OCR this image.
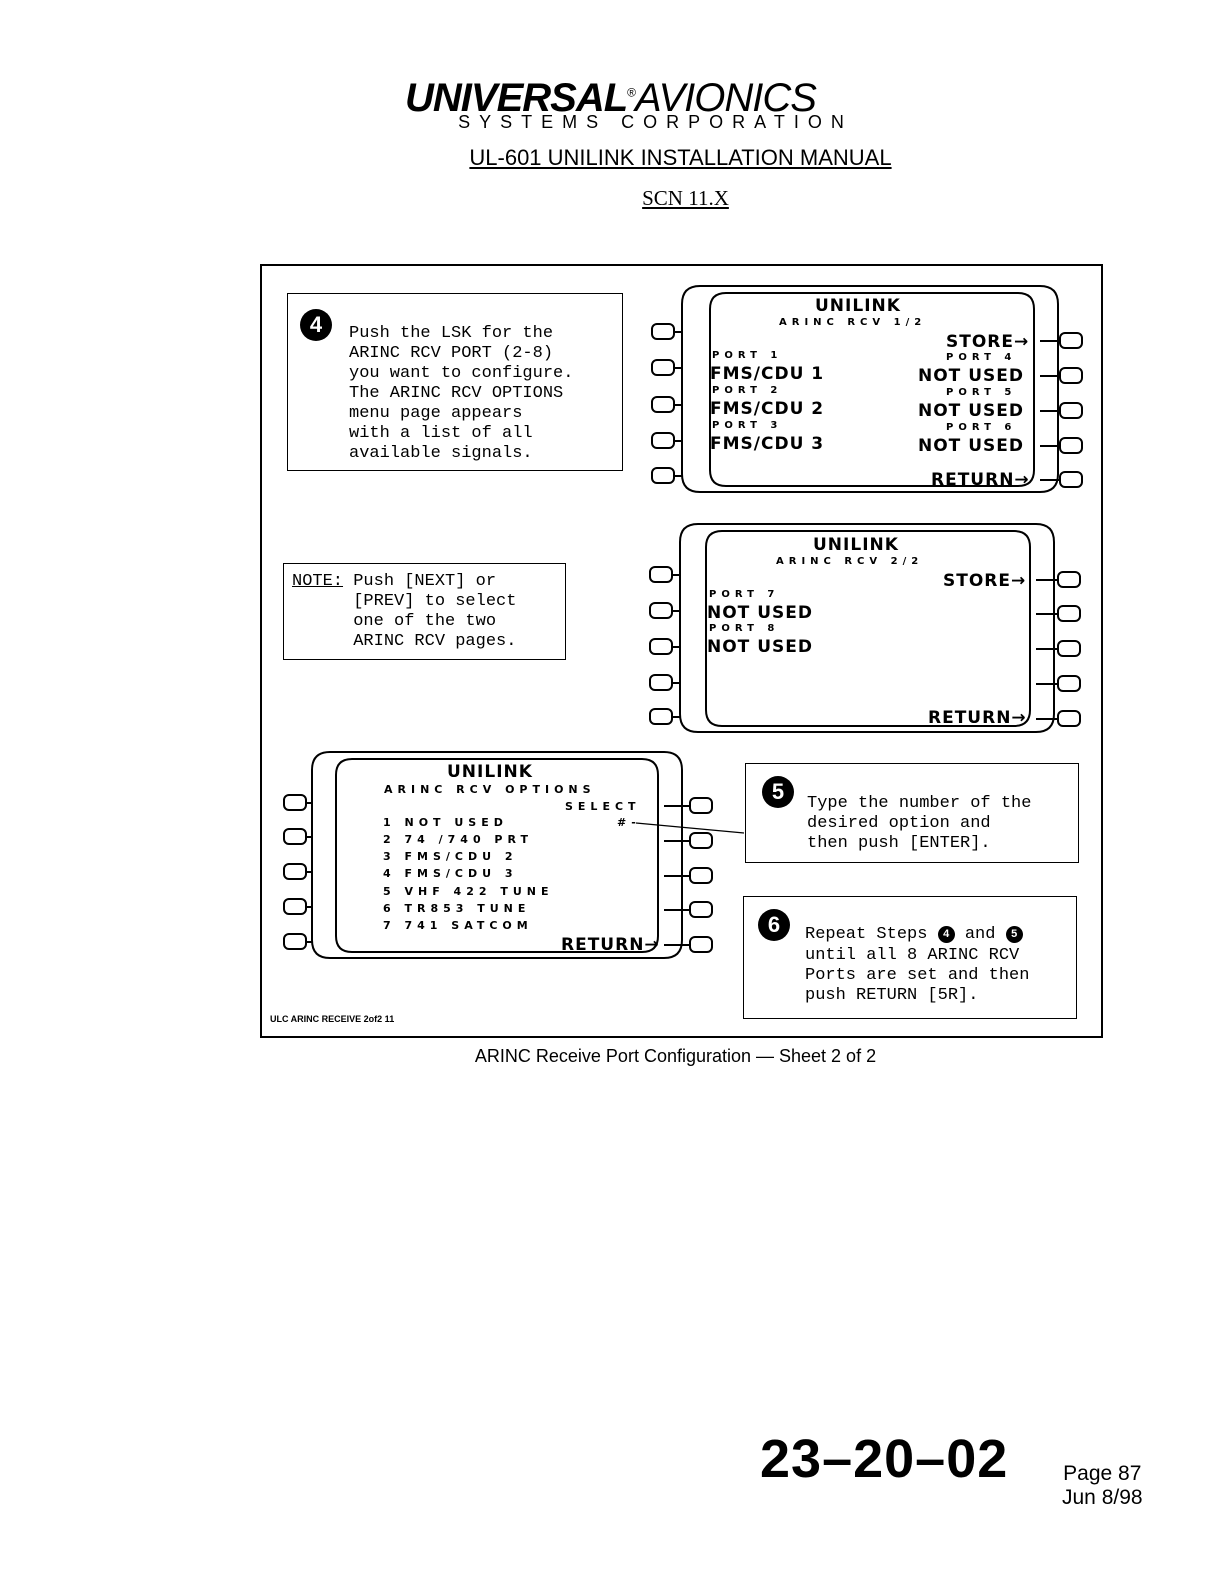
UNIVERSAL®AVIONICS
SYSTEMS CORPORATION
UL-601 UNILINK INSTALLATION MANUAL
SCN 11.X
4	Push the LSK for the
ARINC RCV PORT (2-8)
you want to configure.
The ARINC RCV OPTIONS
menu page appears
with a list of all
available signals.
NOTE: Push [NEXT] or
[PREV] to select
one of the two
ARINC RCV pages.
5	Type the number of the
desired option and
then push [ENTER].
6	Repeat Steps 4 and 5
until all 8 ARINC RCV
Ports are set and then
push RETURN [5R].
UNILINK
ARINC RCV 1/2
STORE→
PORT 1
FMS/CDU 1
PORT 2
FMS/CDU 2
PORT 3
FMS/CDU 3
PORT 4
NOT USED
PORT 5
NOT USED
PORT 6
NOT USED
RETURN→
UNILINK
ARINC RCV 2/2
STORE→
PORT 7
NOT USED
PORT 8
NOT USED
RETURN→
UNILINK
ARINC RCV OPTIONS
SELECT
#-
1 NOT USED
2 74 /740 PRT
3 FMS/CDU 2
4 FMS/CDU 3
5 VHF 422 TUNE
6 TR853 TUNE
7 741 SATCOM
RETURN→
ULC ARINC RECEIVE 2of2 11
ARINC Receive Port Configuration — Sheet 2 of 2
23–20–02	Page 87
Jun 8/98
